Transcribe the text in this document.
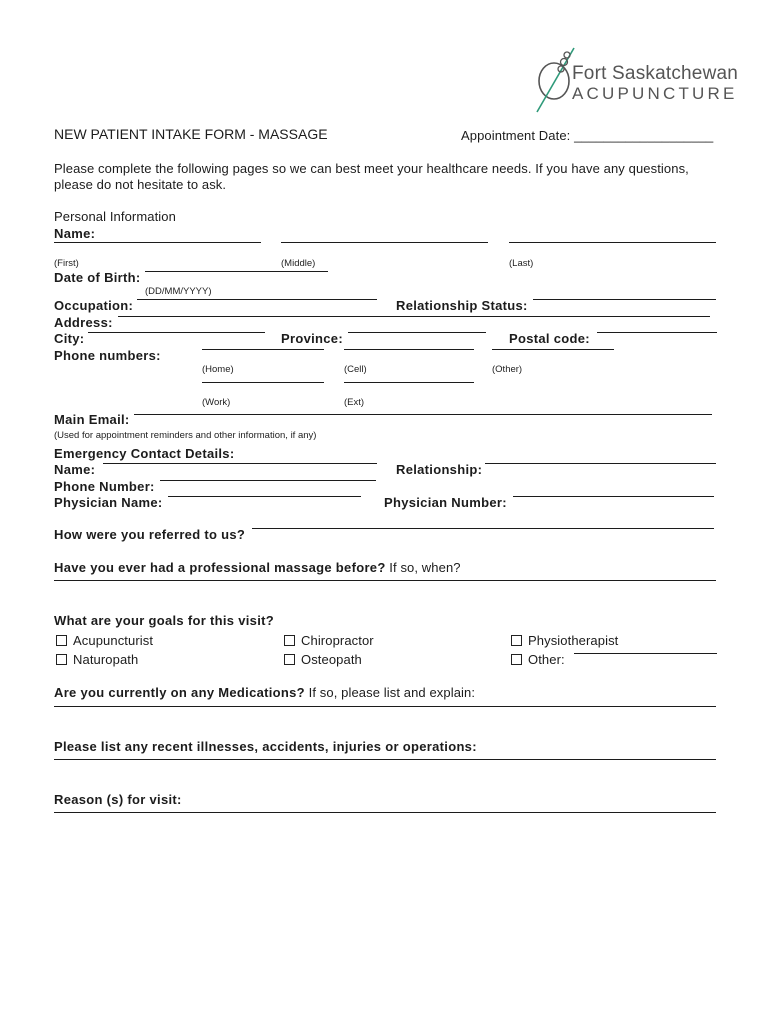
Fort Saskatchewan
ACUPUNCTURE
NEW PATIENT INTAKE FORM - MASSAGE	Appointment Date: ___________________
Please complete the following pages so we can best meet your healthcare needs. If you have any questions,
please do not hesitate to ask.
Personal Information
Name:
(First)	(Middle)	(Last)
Date of Birth:
(DD/MM/YYYY)
Occupation:	Relationship Status:
Address:
City:	Province:	Postal code:
Phone numbers:
(Home)	(Cell)	(Other)
(Work)	(Ext)
Main Email:
(Used for appointment reminders and other information, if any)
Emergency Contact Details:
Name:	Relationship:
Phone Number:
Physician Name:	Physician Number:
How were you referred to us?
Have you ever had a professional massage before? If so, when?
What are your goals for this visit?
Acupuncturist	Chiropractor	Physiotherapist
Naturopath	Osteopath	Other:
Are you currently on any Medications? If so, please list and explain:
Please list any recent illnesses, accidents, injuries or operations:
Reason (s) for visit:
